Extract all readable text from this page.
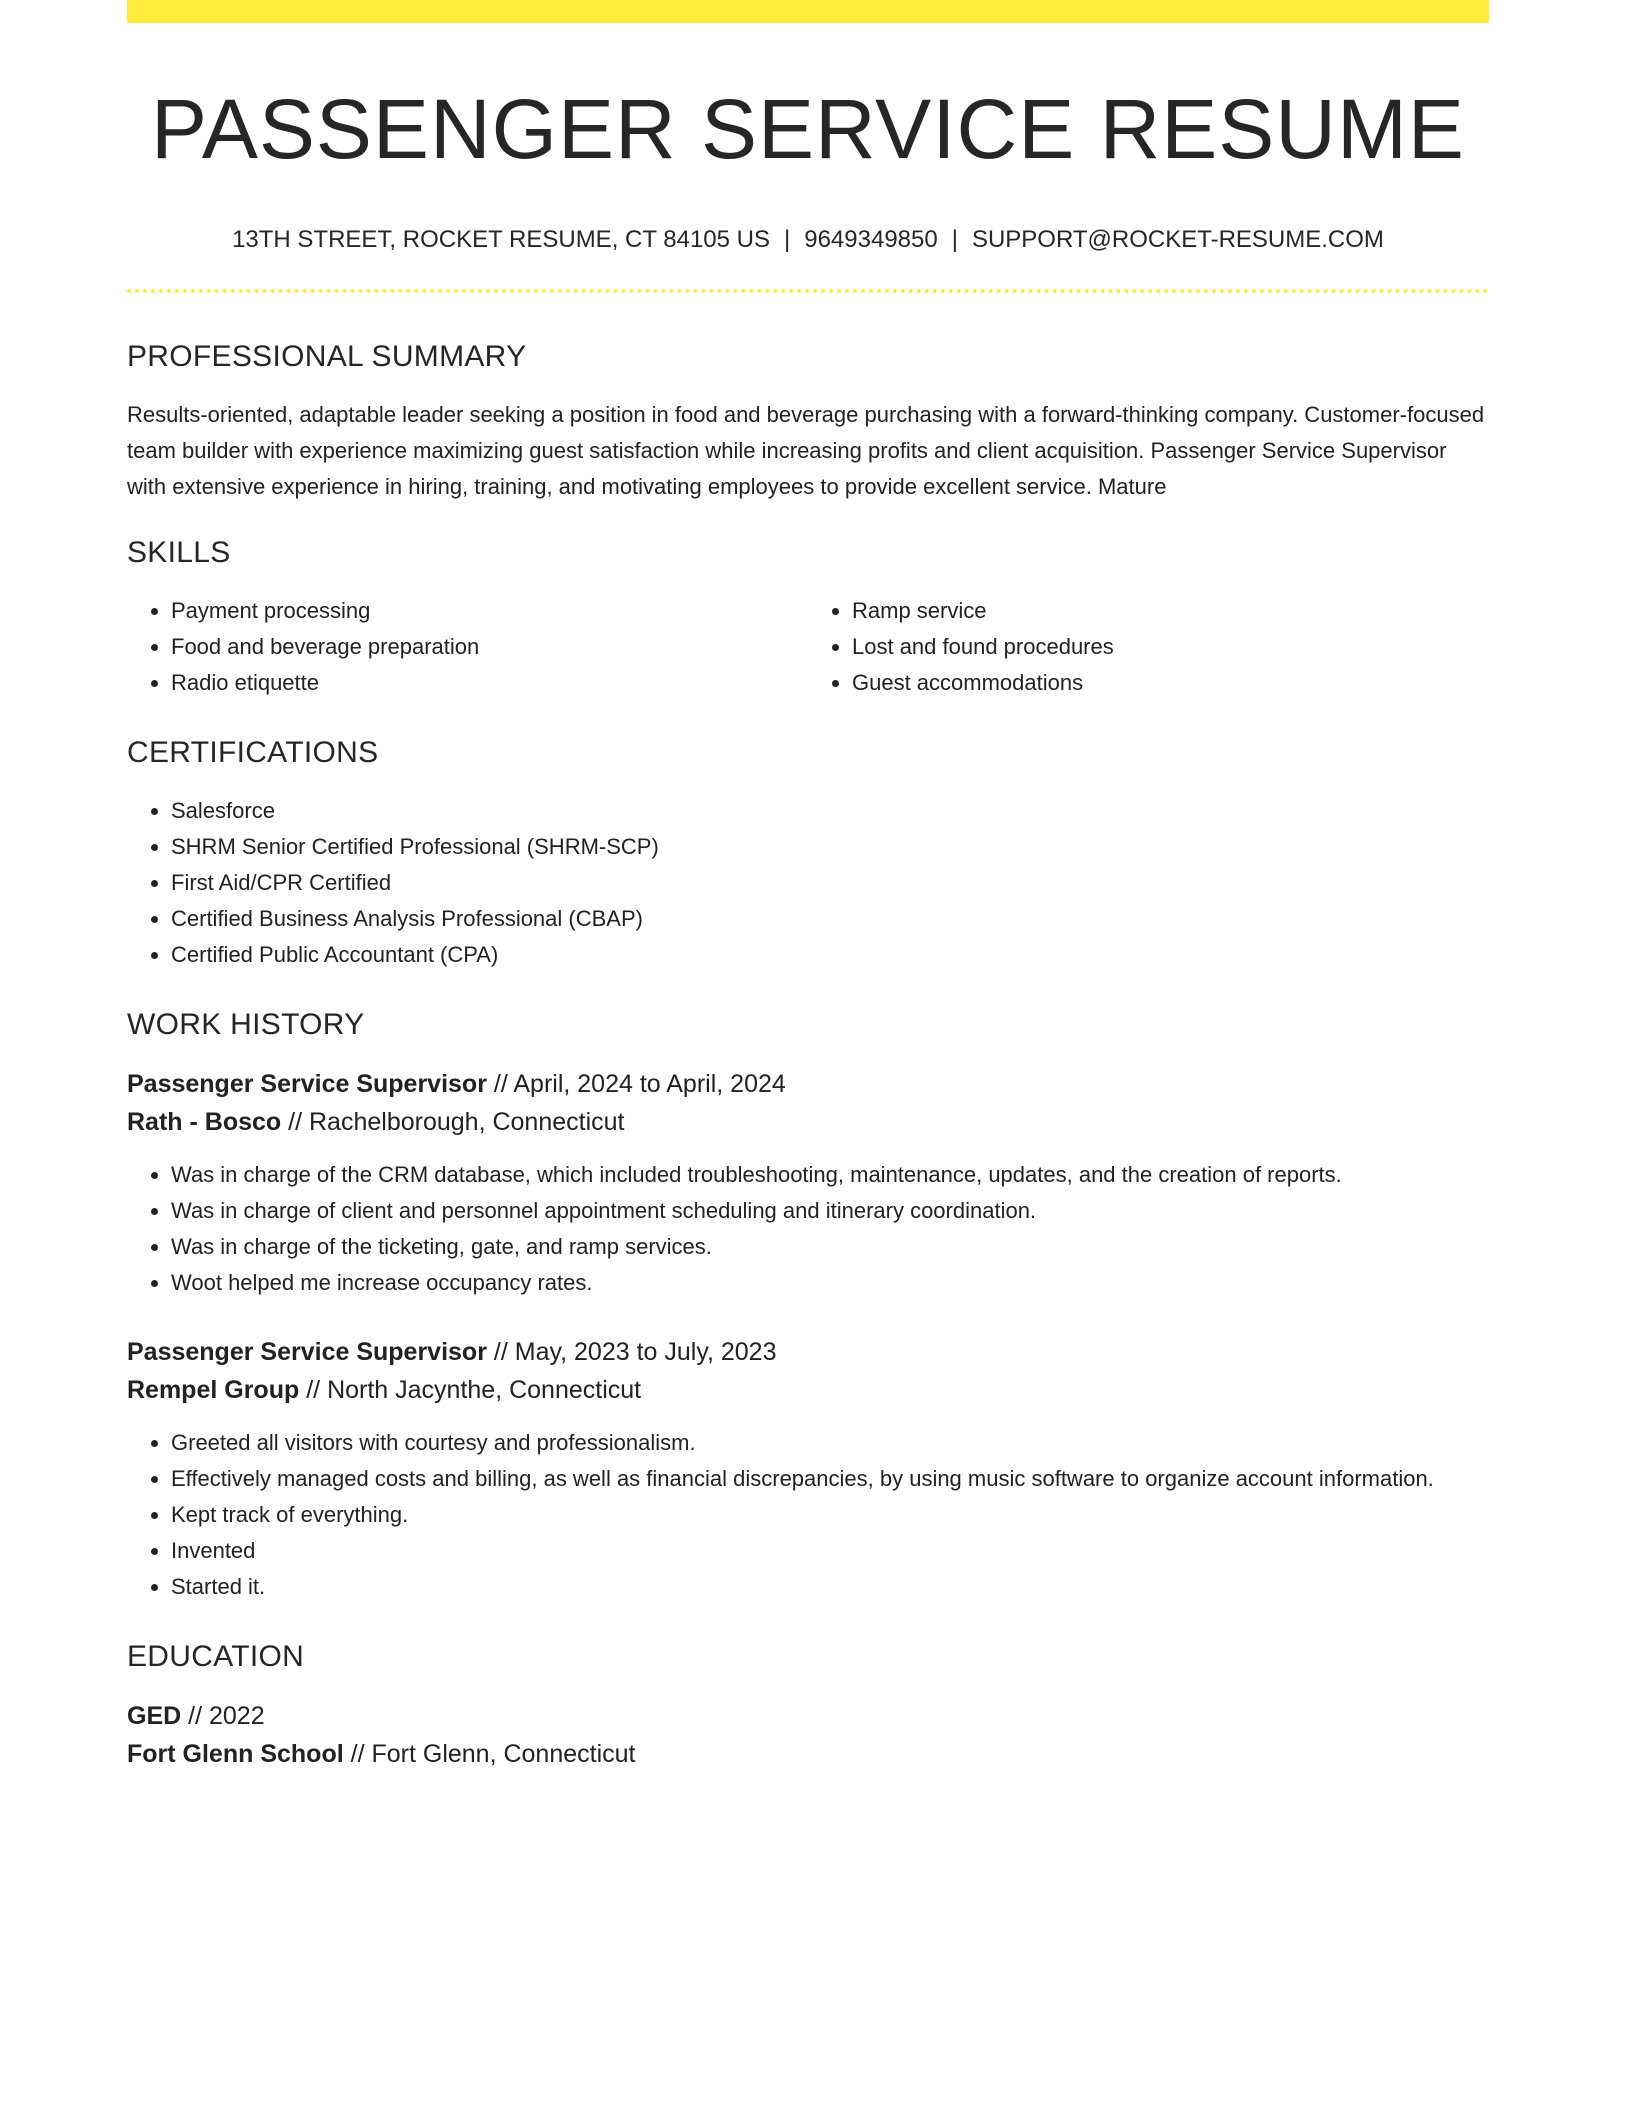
PASSENGER SERVICE RESUME
13TH STREET, ROCKET RESUME, CT 84105 US | 9649349850 | SUPPORT@ROCKET-RESUME.COM
PROFESSIONAL SUMMARY

Results-oriented, adaptable leader seeking a position in food and beverage purchasing with a forward-thinking company. Customer-focused team builder with experience maximizing guest satisfaction while increasing profits and client acquisition. Passenger Service Supervisor with extensive experience in hiring, training, and motivating employees to provide excellent service. Mature

SKILLS
• Payment processing
• Food and beverage preparation
• Radio etiquette
• Ramp service
• Lost and found procedures
• Guest accommodations
CERTIFICATIONS
• Salesforce
• SHRM Senior Certified Professional (SHRM-SCP)
• First Aid/CPR Certified
• Certified Business Analysis Professional (CBAP)
• Certified Public Accountant (CPA)
WORK HISTORY

Passenger Service Supervisor // April, 2024 to April, 2024

Rath - Bosco // Rachelborough, Connecticut

• Was in charge of the CRM database, which included troubleshooting, maintenance, updates, and the creation of reports.
• Was in charge of client and personnel appointment scheduling and itinerary coordination.
• Was in charge of the ticketing, gate, and ramp services.
• Woot helped me increase occupancy rates.

Passenger Service Supervisor // May, 2023 to July, 2023

Rempel Group // North Jacynthe, Connecticut

• Greeted all visitors with courtesy and professionalism.
• Effectively managed costs and billing, as well as financial discrepancies, by using music software to organize account information.
• Kept track of everything.
• Invented
• Started it.
EDUCATION

GED // 2022

Fort Glenn School // Fort Glenn, Connecticut
